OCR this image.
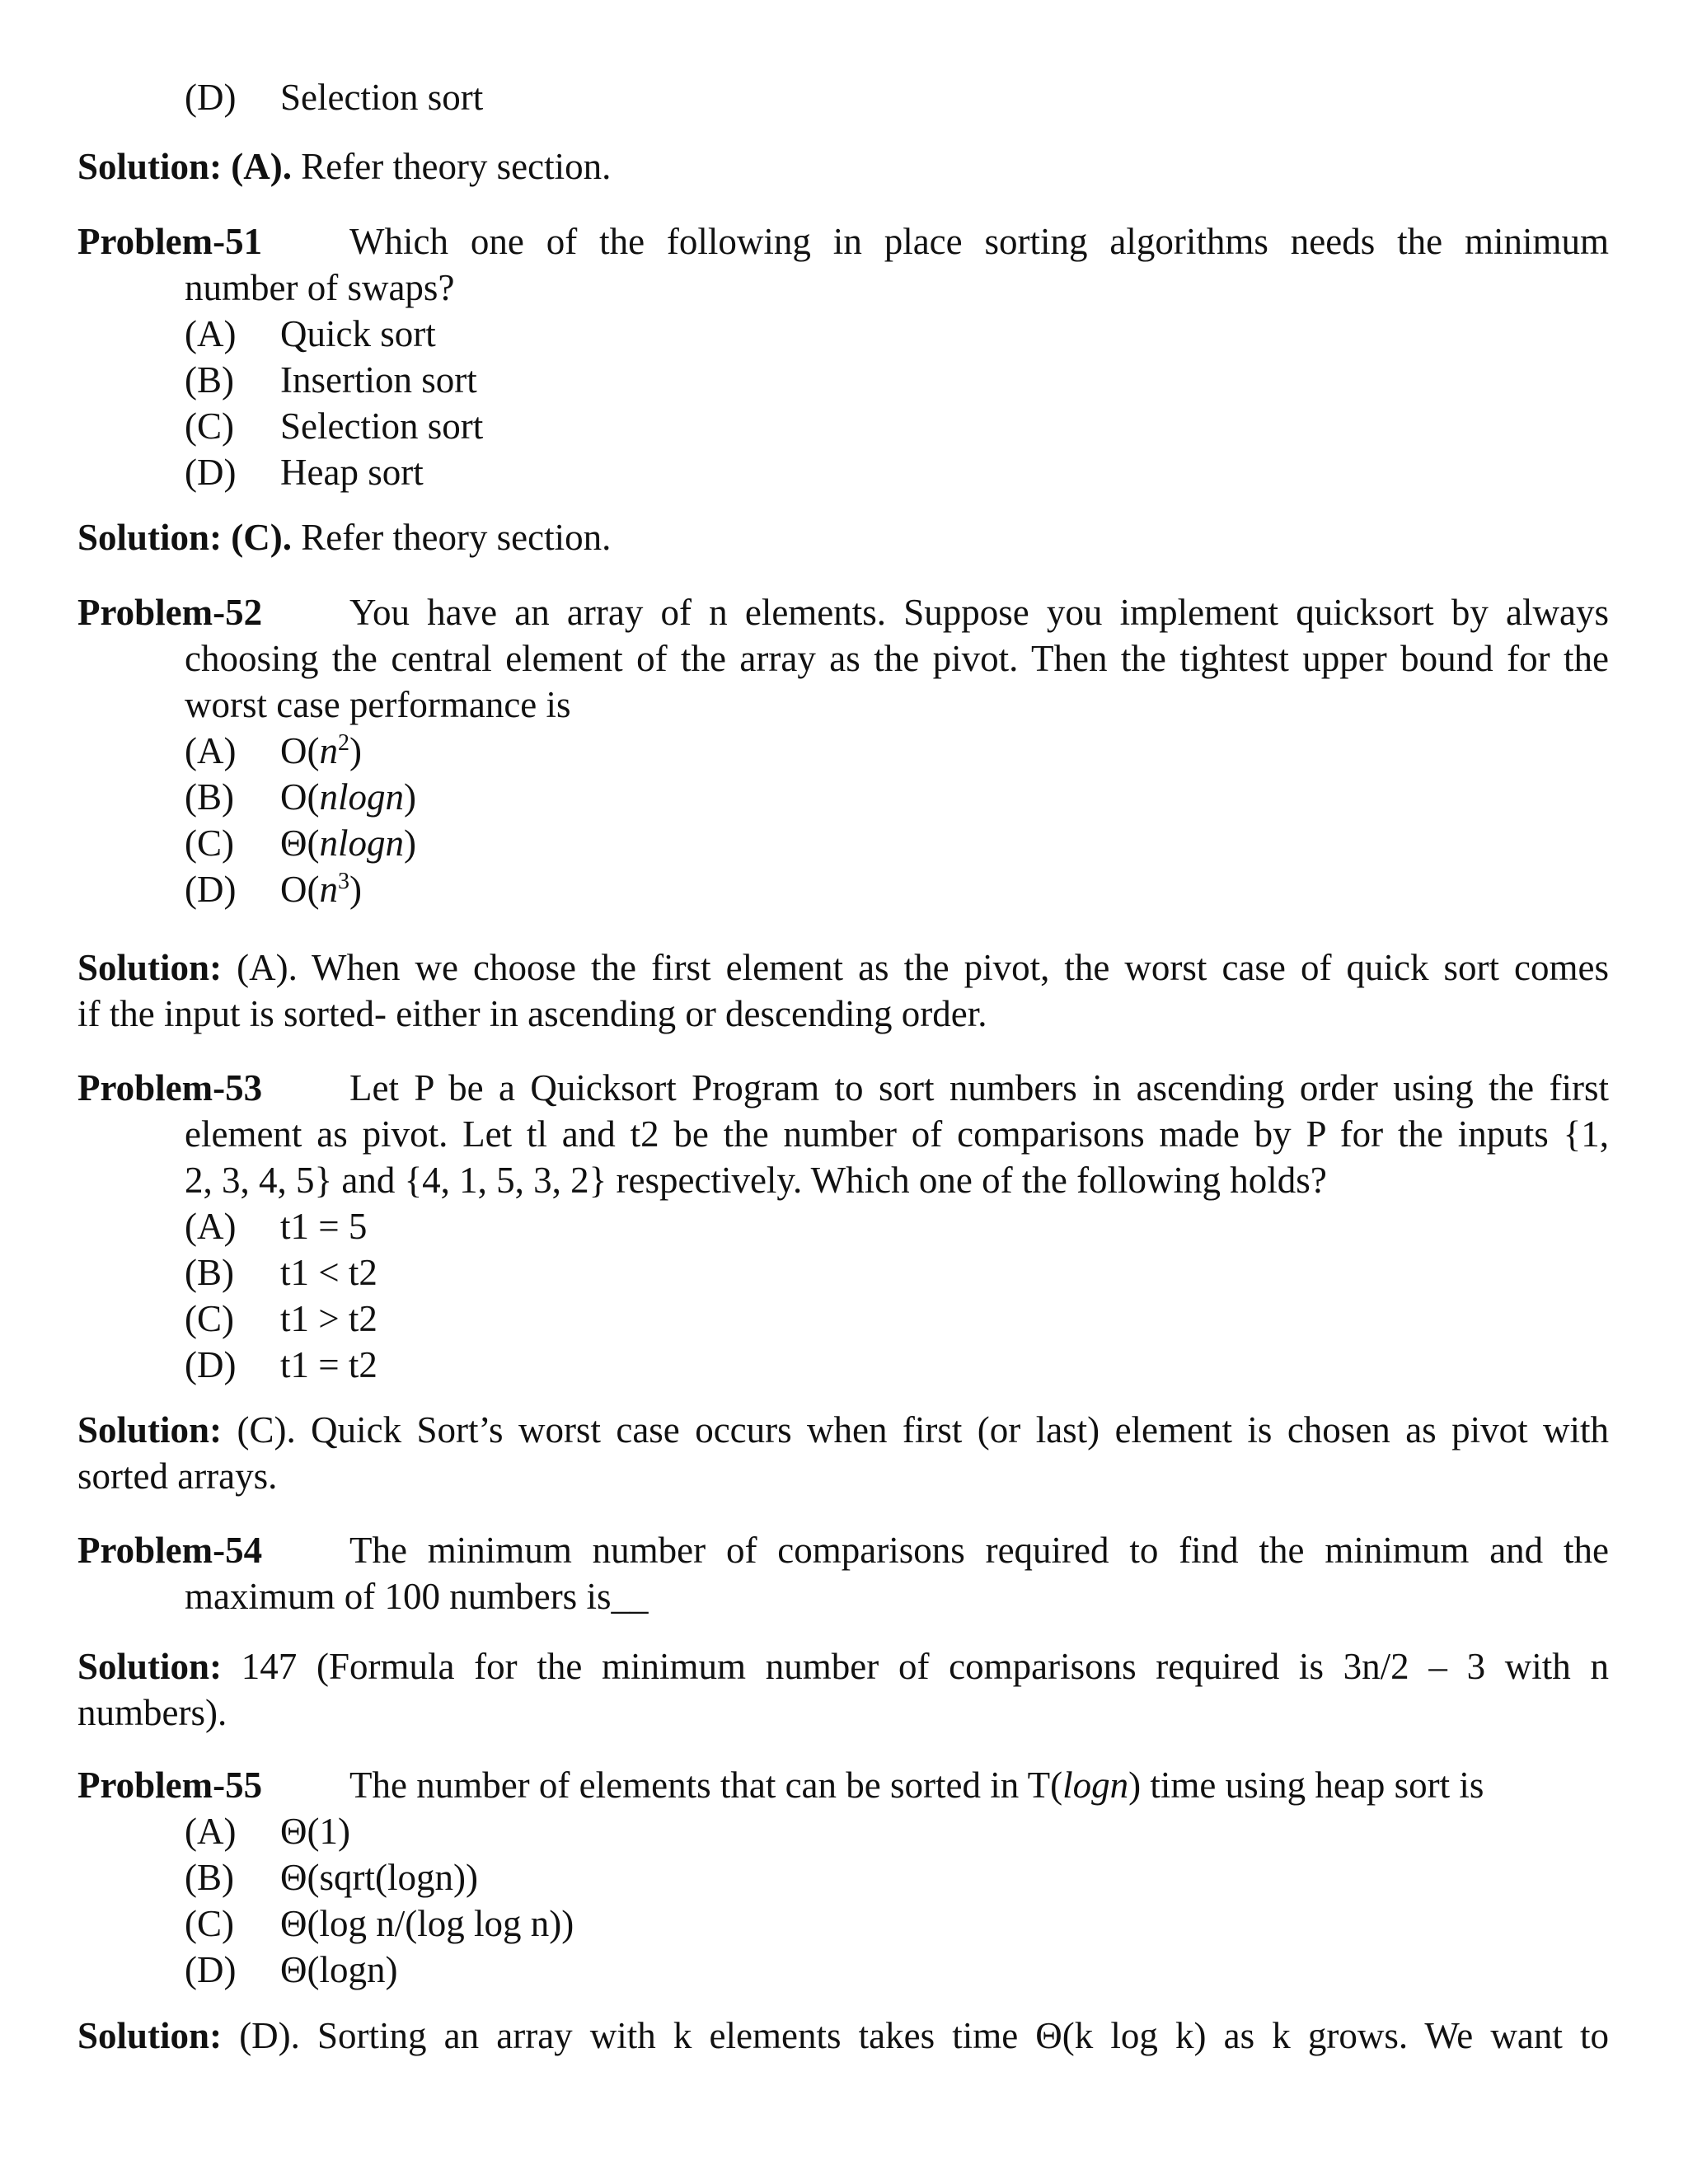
(D) Selection sort
Solution: (A). Refer theory section.
Problem-51 Which one of the following in place sorting algorithms needs the minimum
number of swaps?
(A) Quick sort
(B) Insertion sort
(C) Selection sort
(D) Heap sort
Solution: (C). Refer theory section.
Problem-52 You have an array of n elements. Suppose you implement quicksort by always
choosing the central element of the array as the pivot. Then the tightest upper bound for the
worst case performance is
(A) $O(n^2)$
(B) O(nlogn)
(C) Θ(nlogn)
(D) $O(n^3)$
Solution: (A). When we choose the first element as the pivot, the worst case of quick sort comes
if the input is sorted- either in ascending or descending order.
Problem-53 Let P be a Quicksort Program to sort numbers in ascending order using the first
element as pivot. Let tl and t2 be the number of comparisons made by P for the inputs {1,
2, 3, 4, 5} and {4, 1, 5, 3, 2} respectively. Which one of the following holds?
(A) t1 = 5
(B) t1 < t2
(C) t1 > t2
(D) t1 = t2
Solution: (C). Quick Sort’s worst case occurs when first (or last) element is chosen as pivot with
sorted arrays.
Problem-54 The minimum number of comparisons required to find the minimum and the
maximum of 100 numbers is__
Solution: 147 (Formula for the minimum number of comparisons required is 3n/2 – 3 with n
numbers).
Problem-55 The number of elements that can be sorted in T(logn) time using heap sort is
(A) Θ(1)
(B) Θ(sqrt(logn))
(C) Θ(log n/(log log n))
(D) Θ(logn)
Solution: (D). Sorting an array with k elements takes time Θ(k log k) as k grows. We want to
